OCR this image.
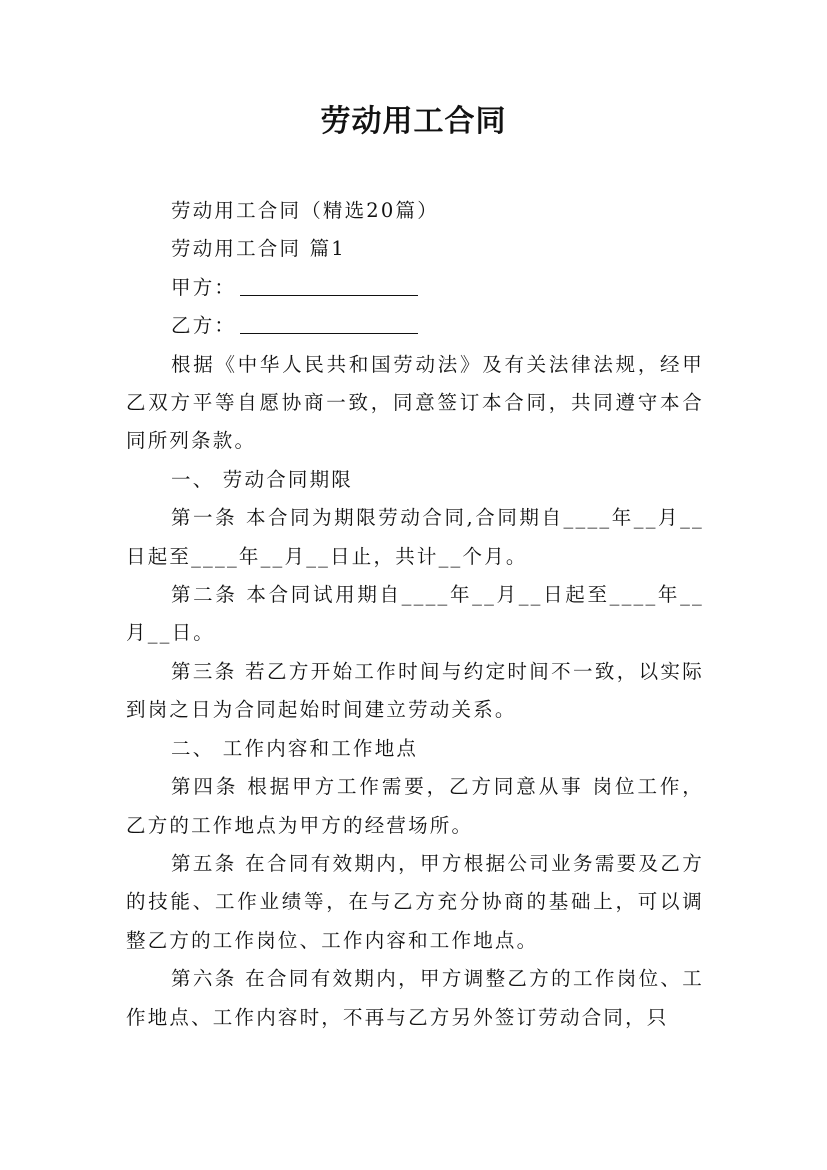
劳动用工合同

劳动用工合同（精选20篇）

劳动用工合同 篇1

甲方：

乙方：

根据《中华人民共和国劳动法》及有关法律法规，经甲乙双方平等自愿协商一致，同意签订本合同，共同遵守本合同所列条款。

一、 劳动合同期限

第一条 本合同为期限劳动合同,合同期自____年__月__日起至____年__月__日止，共计__个月。

第二条 本合同试用期自____年__月__日起至____年__月__日。

第三条 若乙方开始工作时间与约定时间不一致，以实际到岗之日为合同起始时间建立劳动关系。

二、 工作内容和工作地点

第四条 根据甲方工作需要，乙方同意从事 岗位工作，乙方的工作地点为甲方的经营场所。

第五条 在合同有效期内，甲方根据公司业务需要及乙方的技能、工作业绩等，在与乙方充分协商的基础上，可以调整乙方的工作岗位、工作内容和工作地点。

第六条 在合同有效期内，甲方调整乙方的工作岗位、工作地点、工作内容时，不再与乙方另外签订劳动合同，只
